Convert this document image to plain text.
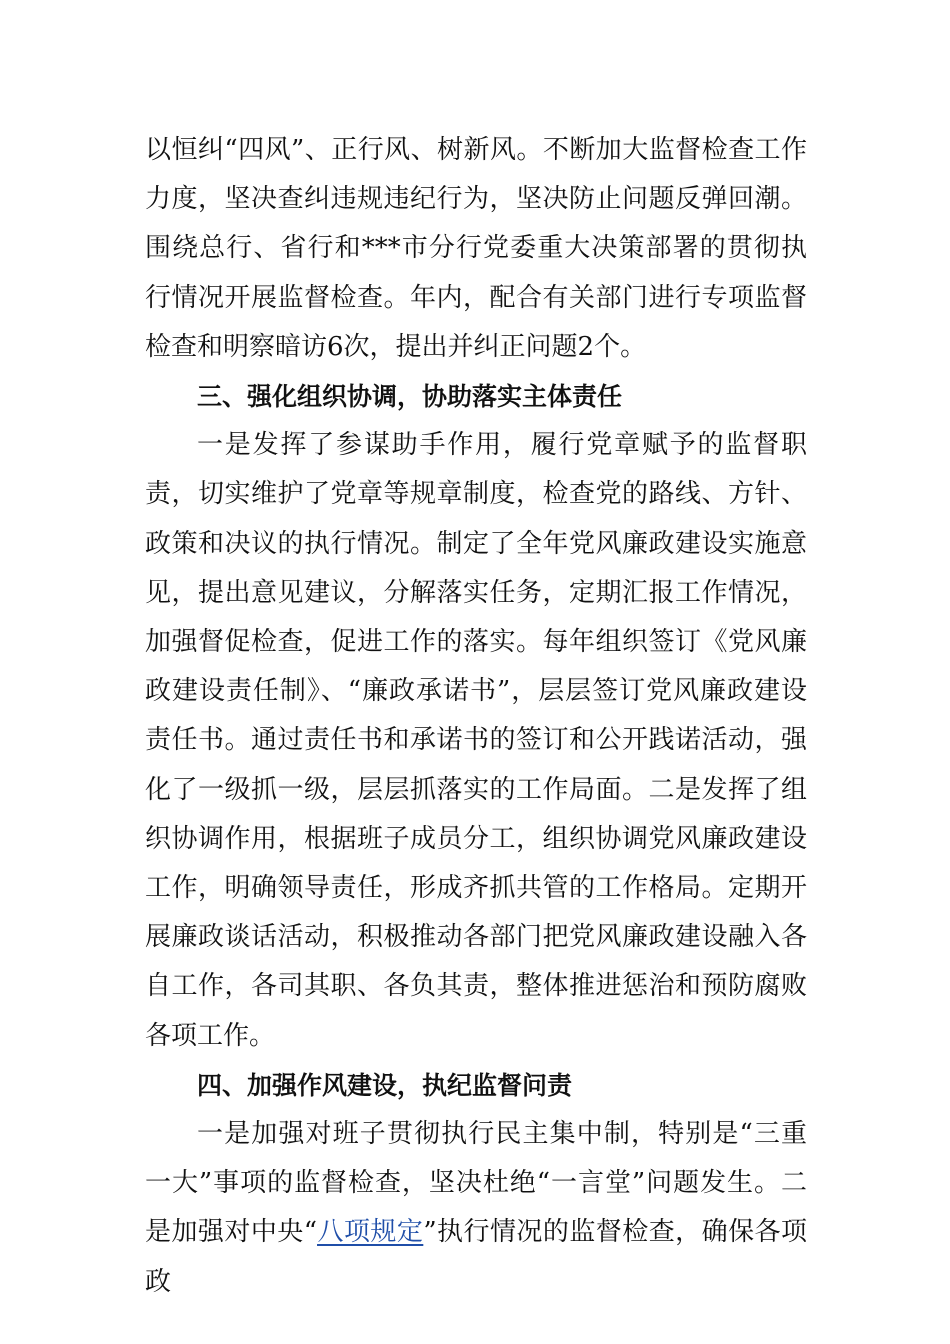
以恒纠“四风”、正行风、树新风。不断加大监督检查工作力度，坚决查纠违规违纪行为，坚决防止问题反弹回潮。围绕总行、省行和***市分行党委重大决策部署的贯彻执行情况开展监督检查。年内，配合有关部门进行专项监督检查和明察暗访6次，提出并纠正问题2个。

三、强化组织协调，协助落实主体责任

一是发挥了参谋助手作用，履行党章赋予的监督职责，切实维护了党章等规章制度，检查党的路线、方针、政策和决议的执行情况。制定了全年党风廉政建设实施意见，提出意见建议，分解落实任务，定期汇报工作情况，加强督促检查，促进工作的落实。每年组织签订《党风廉政建设责任制》、“廉政承诺书”，层层签订党风廉政建设责任书。通过责任书和承诺书的签订和公开践诺活动，强化了一级抓一级，层层抓落实的工作局面。二是发挥了组织协调作用，根据班子成员分工，组织协调党风廉政建设工作，明确领导责任，形成齐抓共管的工作格局。定期开展廉政谈话活动，积极推动各部门把党风廉政建设融入各自工作，各司其职、各负其责，整体推进惩治和预防腐败各项工作。

四、加强作风建设，执纪监督问责

一是加强对班子贯彻执行民主集中制，特别是“三重一大”事项的监督检查，坚决杜绝“一言堂”问题发生。二是加强对中央“八项规定”执行情况的监督检查，确保各项政
